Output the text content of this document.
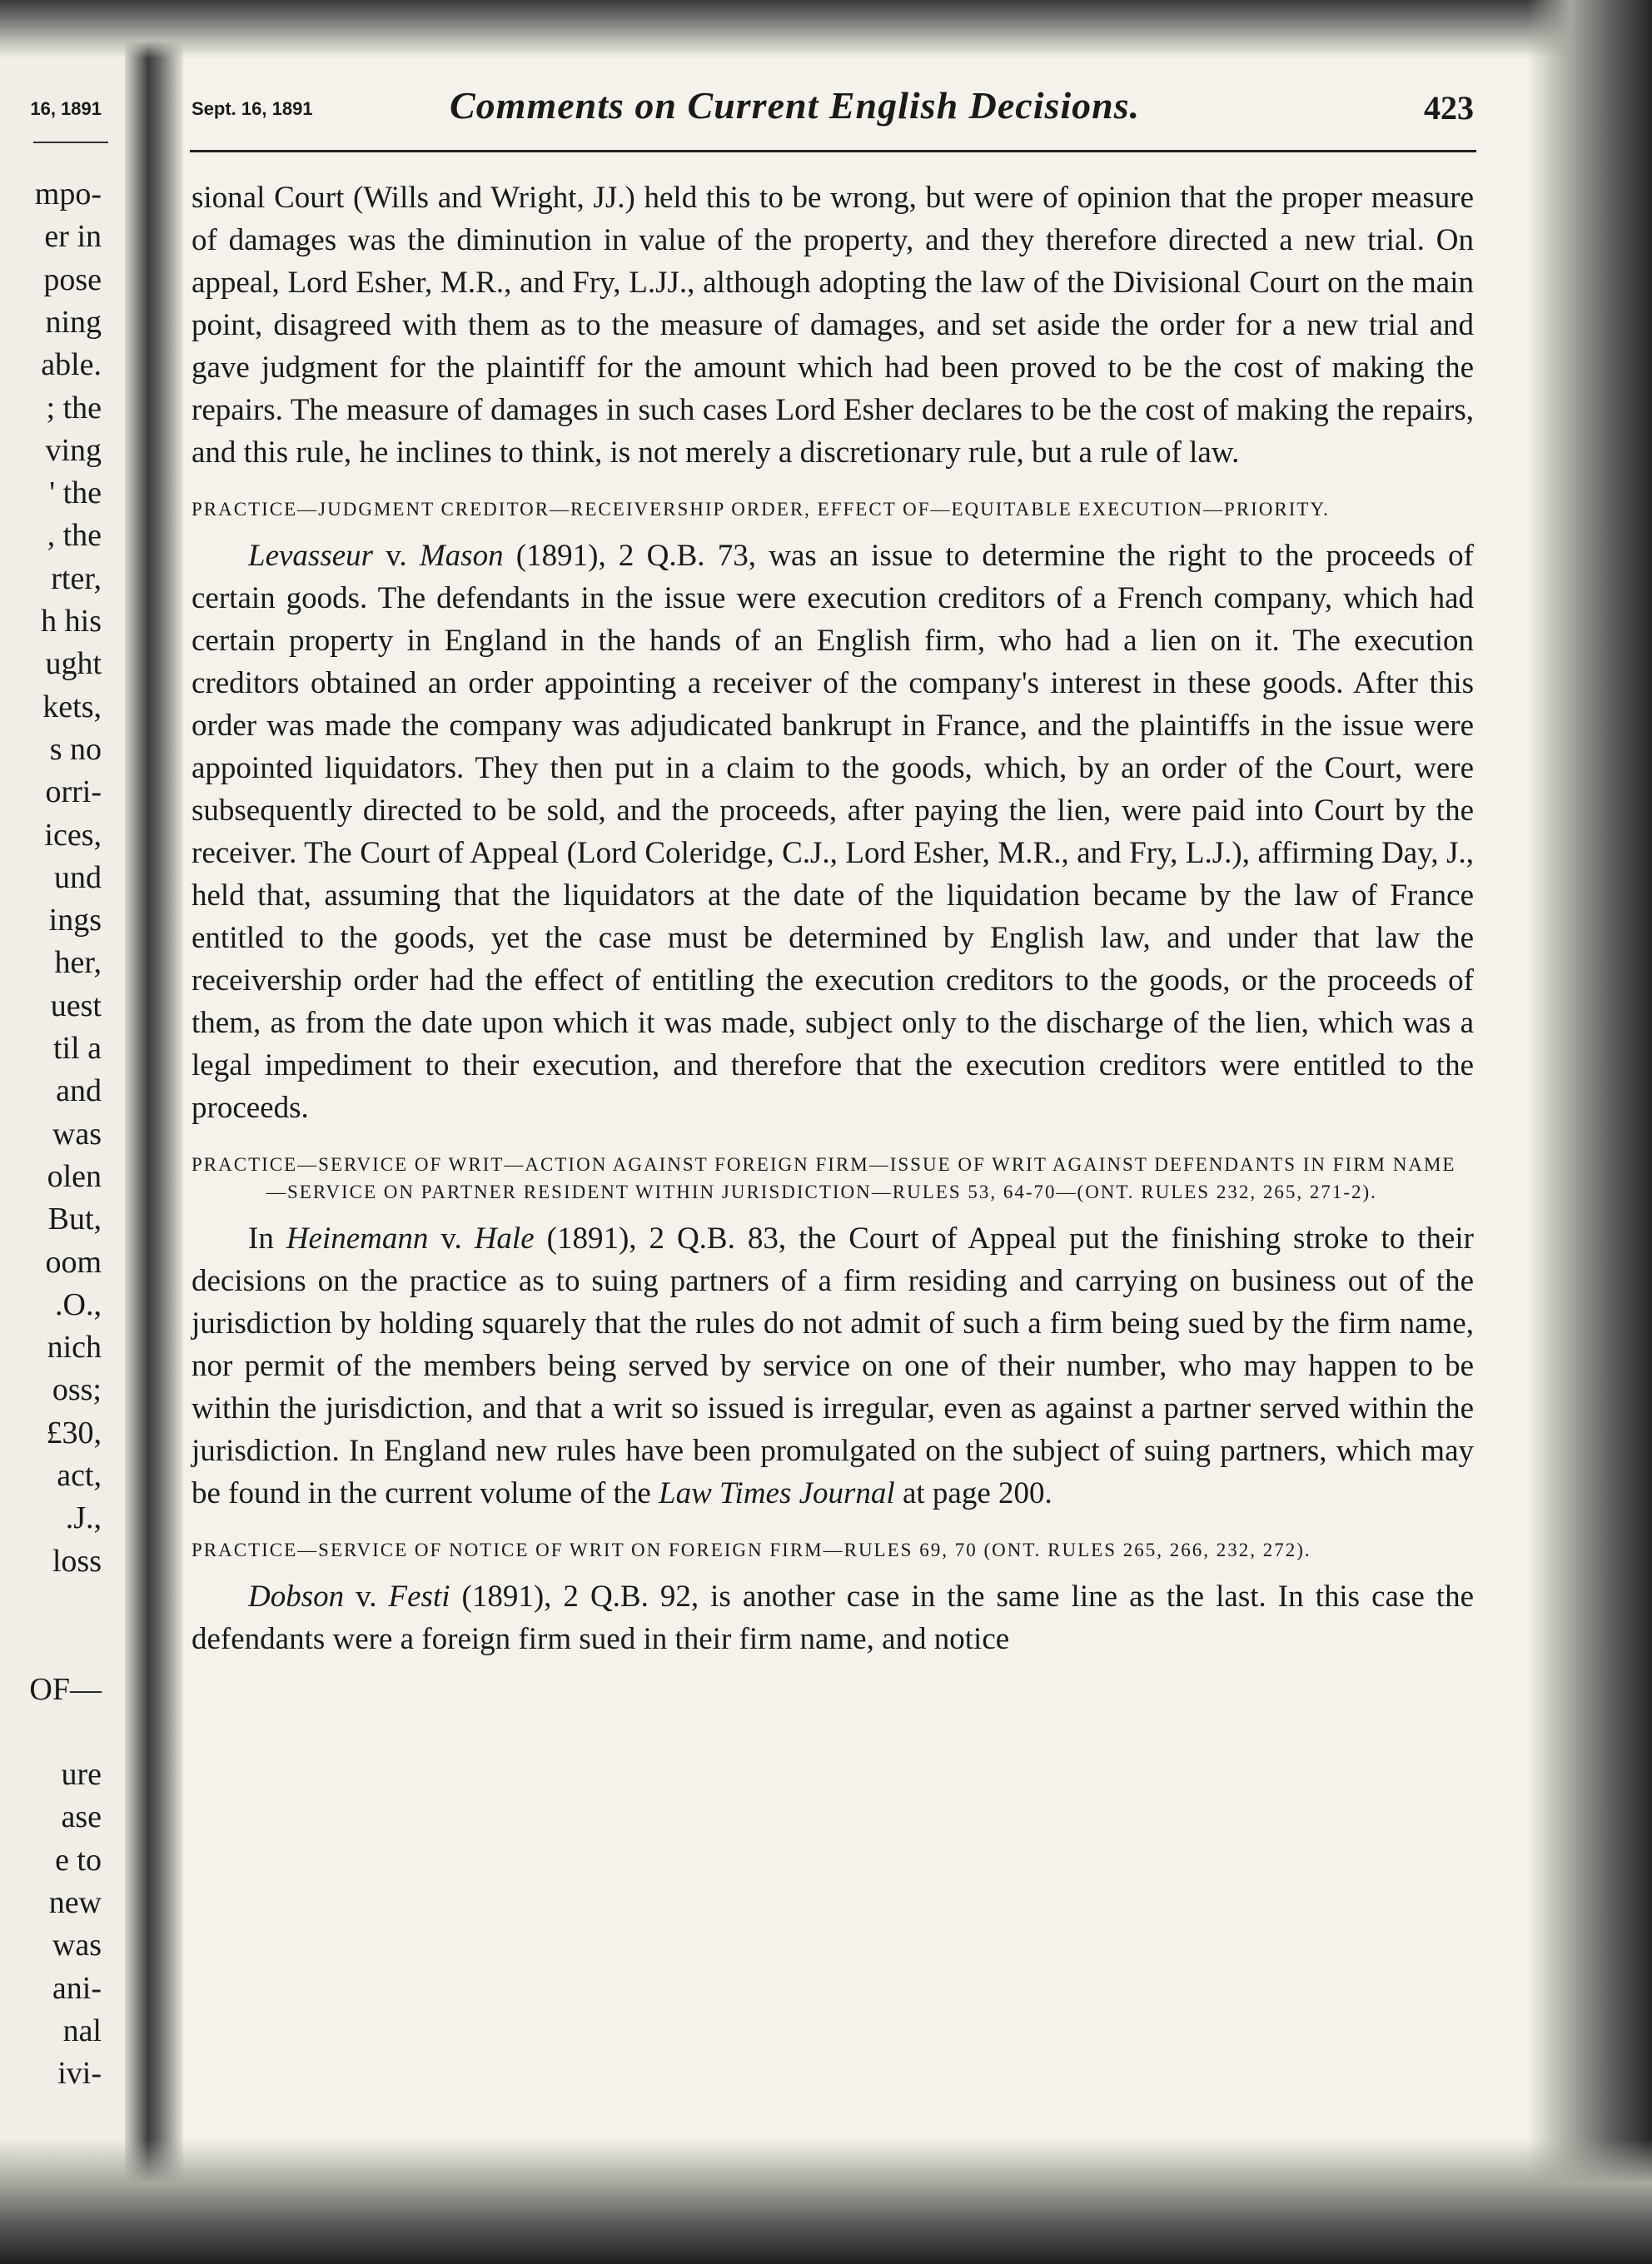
16, 1891
mpo-
er in
pose
ning
able.
; the
ving
' the
, the
rter,
h his
ught
kets,
s no
orri-
ices,
und
ings
her,
uest
til a
and
was
olen
But,
oom
.O.,
nich
oss;
£30,
act,
.J.,
loss
OF—
ure
ase
e to
new
was
ani-
nal
ivi-
Sept. 16, 1891	Comments on Current English Decisions.	423

sional Court (Wills and Wright, JJ.) held this to be wrong, but were of opinion that the proper measure of damages was the diminution in value of the property, and they therefore directed a new trial. On appeal, Lord Esher, M.R., and Fry, L.JJ., although adopting the law of the Divisional Court on the main point, disagreed with them as to the measure of damages, and set aside the order for a new trial and gave judgment for the plaintiff for the amount which had been proved to be the cost of making the repairs. The measure of damages in such cases Lord Esher declares to be the cost of making the repairs, and this rule, he inclines to think, is not merely a discretionary rule, but a rule of law.

PRACTICE—JUDGMENT CREDITOR—RECEIVERSHIP ORDER, EFFECT OF—EQUITABLE EXECUTION—PRIORITY.

Levasseur v. Mason (1891), 2 Q.B. 73, was an issue to determine the right to the proceeds of certain goods. The defendants in the issue were execution creditors of a French company, which had certain property in England in the hands of an English firm, who had a lien on it. The execution creditors obtained an order appointing a receiver of the company's interest in these goods. After this order was made the company was adjudicated bankrupt in France, and the plaintiffs in the issue were appointed liquidators. They then put in a claim to the goods, which, by an order of the Court, were subsequently directed to be sold, and the proceeds, after paying the lien, were paid into Court by the receiver. The Court of Appeal (Lord Coleridge, C.J., Lord Esher, M.R., and Fry, L.J.), affirming Day, J., held that, assuming that the liquidators at the date of the liquidation became by the law of France entitled to the goods, yet the case must be determined by English law, and under that law the receivership order had the effect of entitling the execution creditors to the goods, or the proceeds of them, as from the date upon which it was made, subject only to the discharge of the lien, which was a legal impediment to their execution, and therefore that the execution creditors were entitled to the proceeds.

PRACTICE—SERVICE OF WRIT—ACTION AGAINST FOREIGN FIRM—ISSUE OF WRIT AGAINST DEFENDANTS IN FIRM NAME—SERVICE ON PARTNER RESIDENT WITHIN JURISDICTION—RULES 53, 64-70—(ONT. RULES 232, 265, 271-2).

In Heinemann v. Hale (1891), 2 Q.B. 83, the Court of Appeal put the finishing stroke to their decisions on the practice as to suing partners of a firm residing and carrying on business out of the jurisdiction by holding squarely that the rules do not admit of such a firm being sued by the firm name, nor permit of the members being served by service on one of their number, who may happen to be within the jurisdiction, and that a writ so issued is irregular, even as against a partner served within the jurisdiction. In England new rules have been promulgated on the subject of suing partners, which may be found in the current volume of the Law Times Journal at page 200.

PRACTICE—SERVICE OF NOTICE OF WRIT ON FOREIGN FIRM—RULES 69, 70 (ONT. RULES 265, 266, 232, 272).

Dobson v. Festi (1891), 2 Q.B. 92, is another case in the same line as the last. In this case the defendants were a foreign firm sued in their firm name, and notice
